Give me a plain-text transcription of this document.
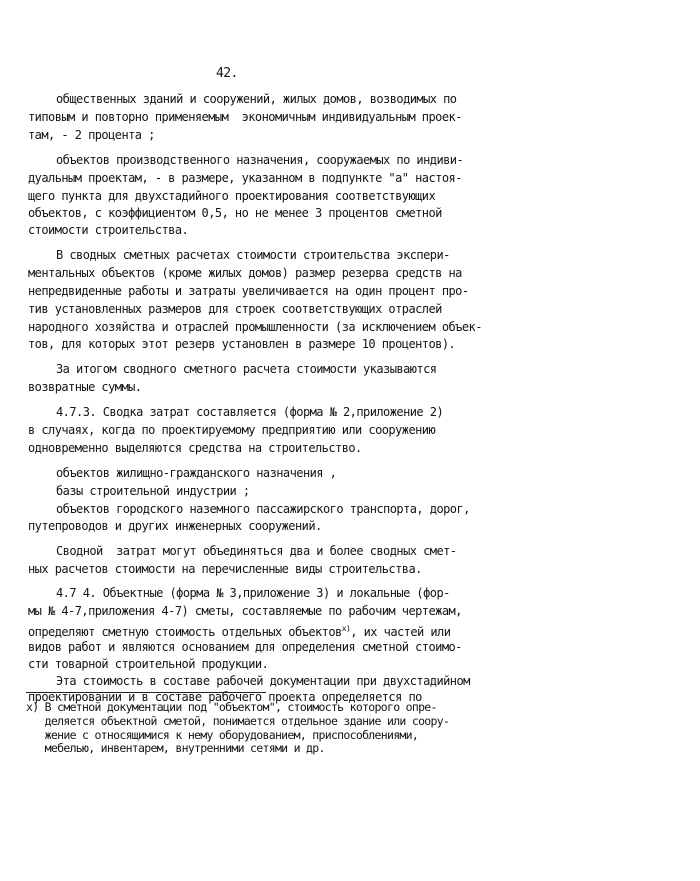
42.
общественных зданий и сооружений, жилых домов, возводимых по
типовым и повторно применяемым  экономичным индивидуальным проек-
там, - 2 процента ;
объектов производственного назначения, сооружаемых по индиви-
дуальным проектам, - в размере, указанном в подпункте "а" настоя-
щего пункта для двухстадийного проектирования соответствующих
объектов, с коэффициентом 0,5, но не менее 3 процентов сметной
стоимости строительства.
В сводных сметных расчетах стоимости строительства экспери-
ментальных объектов (кроме жилых домов) размер резерва средств на
непредвиденные работы и затраты увеличивается на один процент про-
тив установленных размеров для строек соответствующих отраслей
народного хозяйства и отраслей промышленности (за исключением объек-
тов, для которых этот резерв установлен в размере 10 процентов).
За итогом сводного сметного расчета стоимости указываются
возвратные суммы.
4.7.3. Сводка затрат составляется (форма № 2,приложение 2)
в случаях, когда по проектируемому предприятию или сооружению
одновременно выделяются средства на строительство.
объектов жилищно-гражданского назначения ,
базы строительной индустрии ;
объектов городского наземного пассажирского транспорта, дорог,
путепроводов и других инженерных сооружений.
Сводной  затрат могут объединяться два и более сводных смет-
ных расчетов стоимости на перечисленные виды строительства.
4.7 4. Объектные (форма № 3,приложение 3) и локальные (фор-
мы № 4-7,приложения 4-7) сметы, составляемые по рабочим чертежам,
определяют сметную стоимость отдельных объектов$^{х)}$, их частей или
видов работ и являются основанием для определения сметной стоимо-
сти товарной строительной продукции.
Эта стоимость в составе рабочей документации при двухстадийном
проектировании и в составе рабочего проекта определяется по
х) В сметной документации под "объектом", стоимость которого опре-
деляется объектной сметой, понимается отдельное здание или соору-
жение с относящимися к нему оборудованием, приспособлениями,
мебелью, инвентарем, внутренними сетями и др.
